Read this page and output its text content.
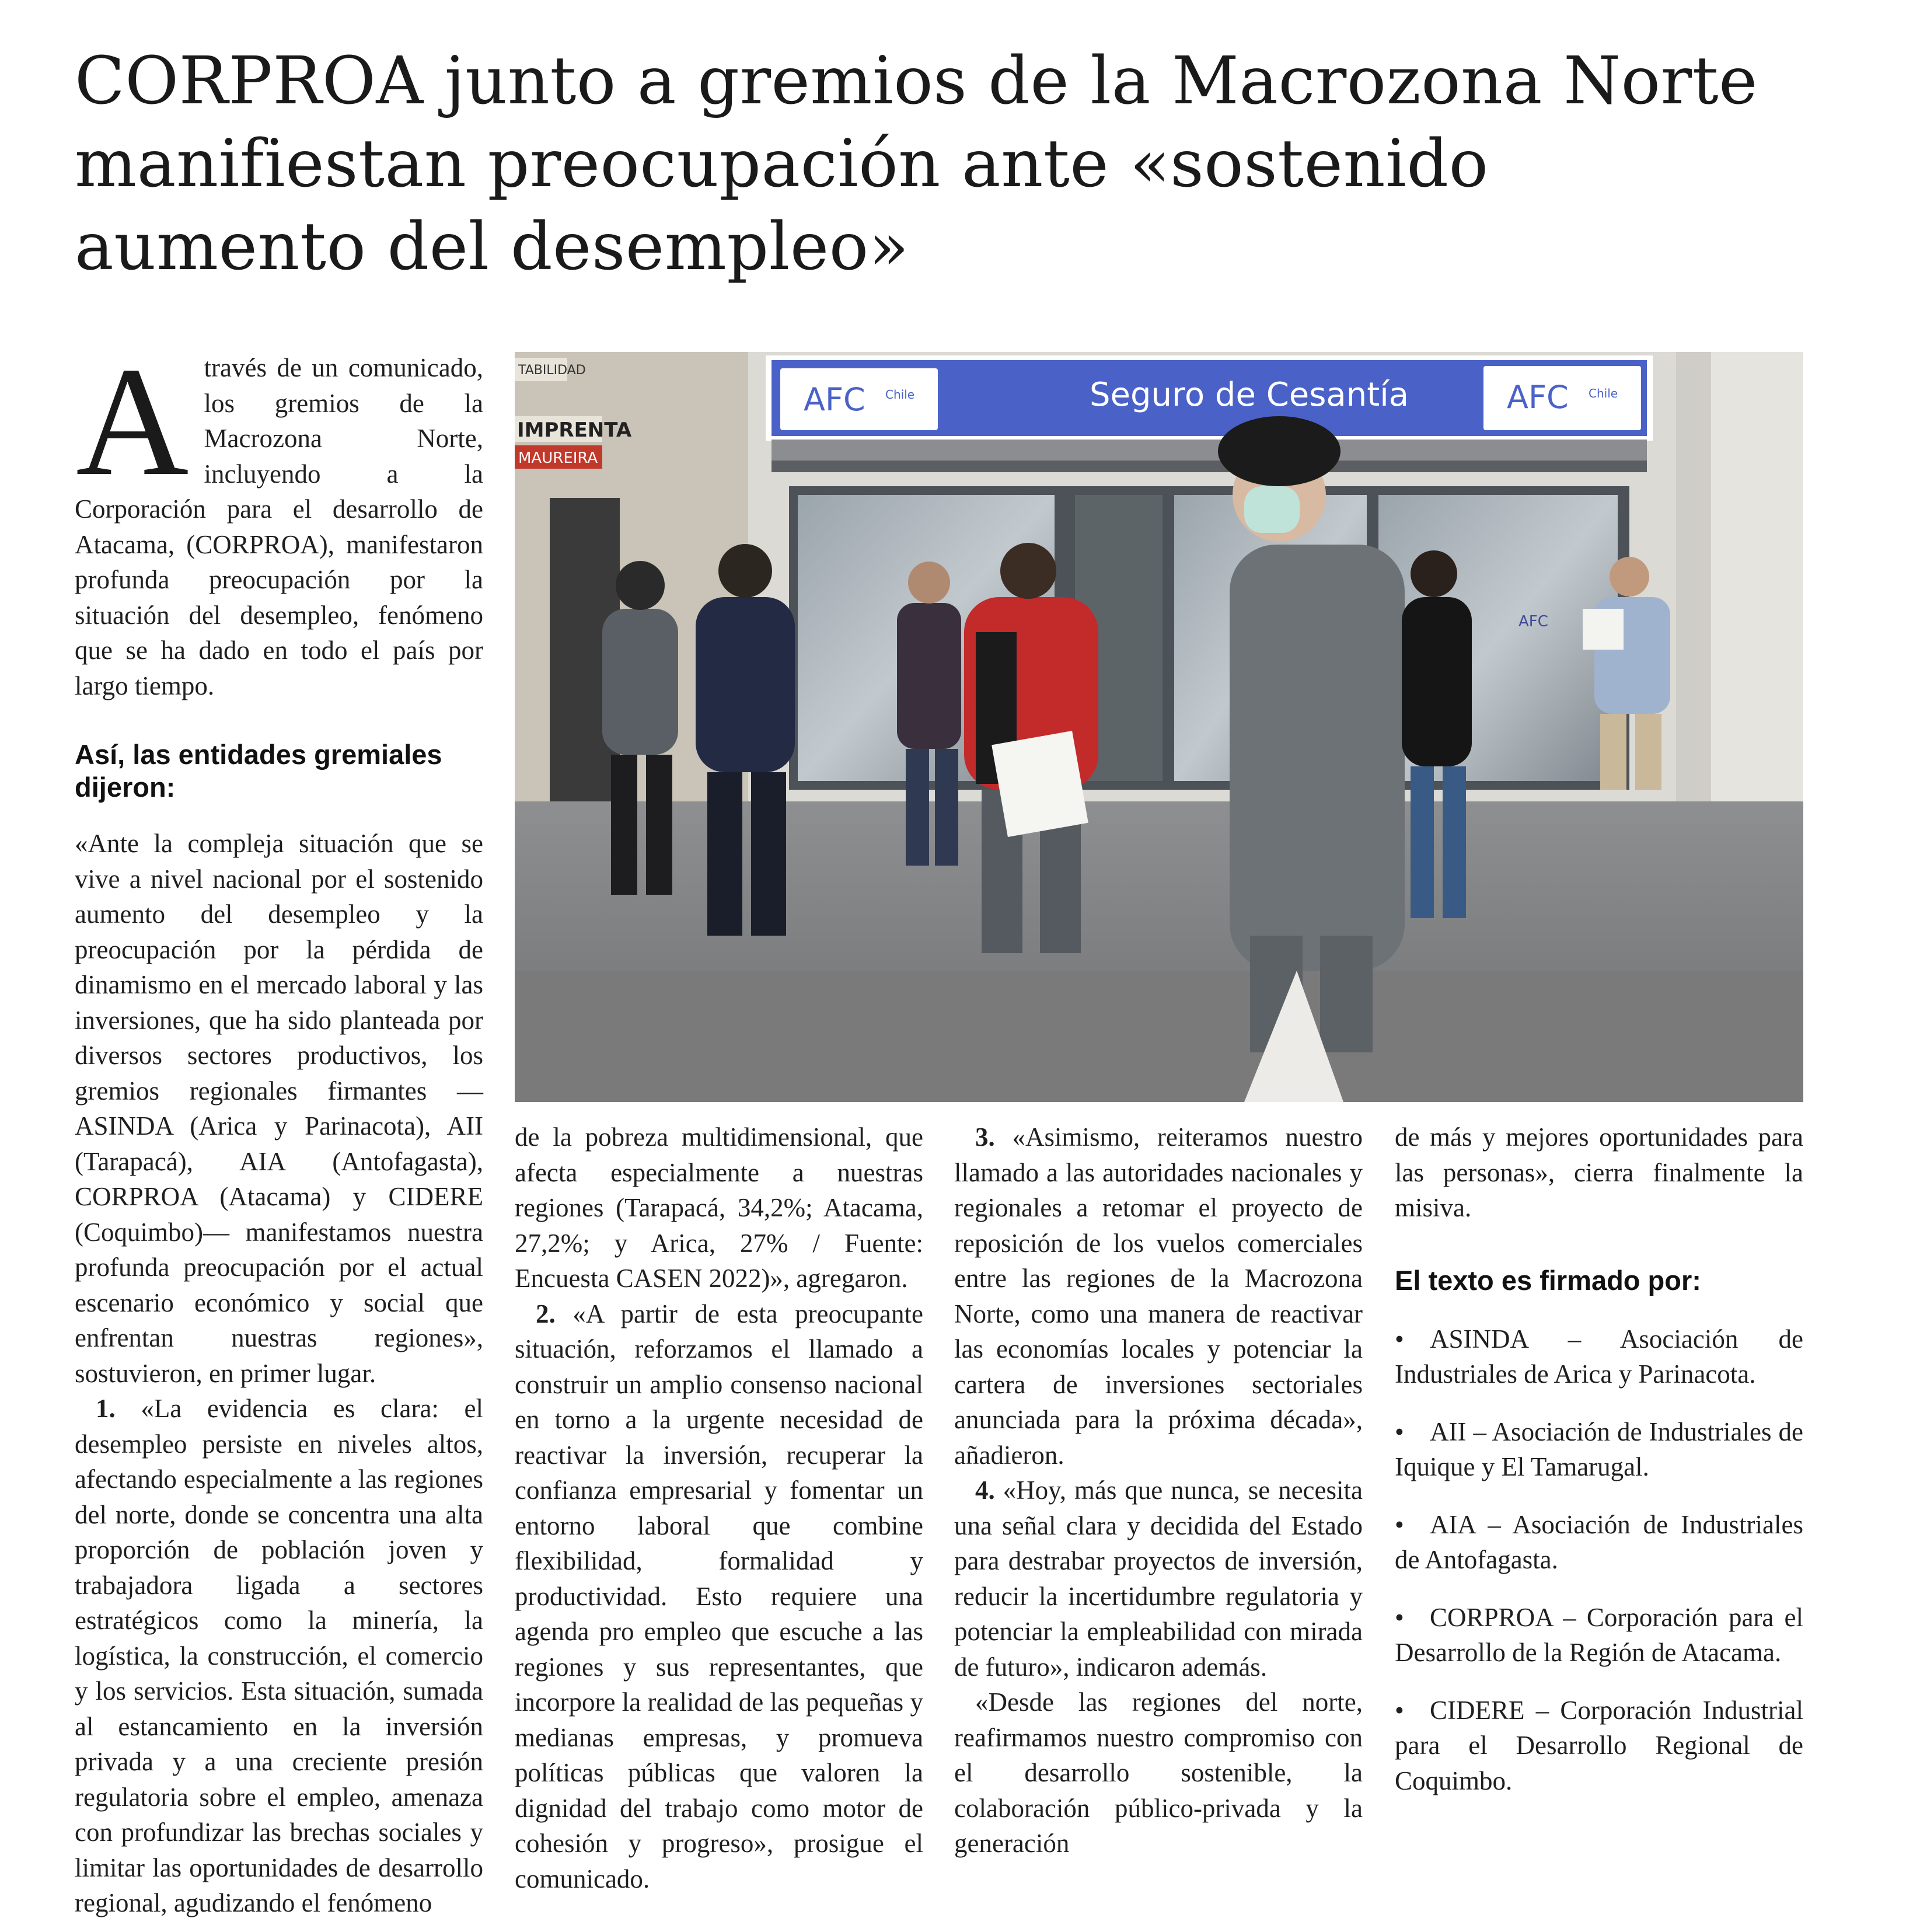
CORPROA junto a gremios de la Macrozona Norte manifiestan preocupación ante «sostenido aumento del desempleo»

Através de un comunicado, los gremios de la Macrozona Norte, incluyendo a la Corporación para el desarrollo de Atacama, (CORPROA), manifestaron profunda preocupación por la situación del desempleo, fenómeno que se ha dado en todo el país por largo tiempo.

Así, las entidades gremiales dijeron:

«Ante la compleja situación que se vive a nivel nacional por el sostenido aumento del desempleo y la preocupación por la pérdida de dinamismo en el mercado laboral y las inversiones, que ha sido planteada por diversos sectores productivos, los gremios regionales firmantes —ASINDA (Arica y Parinacota), AII (Tarapacá), AIA (Antofagasta), CORPROA (Atacama) y CIDERE (Coquimbo)— manifestamos nuestra profunda preocupación por el actual escenario económico y social que enfrentan nuestras regiones», sostuvieron, en primer lugar.

1. «La evidencia es clara: el desempleo persiste en niveles altos, afectando especialmente a las regiones del norte, donde se concentra una alta proporción de población joven y trabajadora ligada a sectores estratégicos como la minería, la logística, la construcción, el comercio y los servicios. Esta situación, sumada al estancamiento en la inversión privada y a una creciente presión regulatoria sobre el empleo, amenaza con profundizar las brechas sociales y limitar las oportunidades de desarrollo regional, agudizando el fenómeno

TABILIDAD
IMPRENTA
MAUREIRA
AFC Chile	AFC Chile
Seguro de Cesantía
AFC

de la pobreza multidimensional, que afecta especialmente a nuestras regiones (Tarapacá, 34,2%; Atacama, 27,2%; y Arica, 27% / Fuente: Encuesta CASEN 2022)», agregaron.

2. «A partir de esta preocupante situación, reforzamos el llamado a construir un amplio consenso nacional en torno a la urgente necesidad de reactivar la inversión, recuperar la confianza empresarial y fomentar un entorno laboral que combine flexibilidad, formalidad y productividad. Esto requiere una agenda pro empleo que escuche a las regiones y sus representantes, que incorpore la realidad de las pequeñas y medianas empresas, y promueva políticas públicas que valoren la dignidad del trabajo como motor de cohesión y progreso», prosigue el comunicado.

3. «Asimismo, reiteramos nuestro llamado a las autoridades nacionales y regionales a retomar el proyecto de reposición de los vuelos comerciales entre las regiones de la Macrozona Norte, como una manera de reactivar las economías locales y potenciar la cartera de inversiones sectoriales anunciada para la próxima década», añadieron.

4. «Hoy, más que nunca, se necesita una señal clara y decidida del Estado para destrabar proyectos de inversión, reducir la incertidumbre regulatoria y potenciar la empleabilidad con mirada de futuro», indicaron además.

«Desde las regiones del norte, reafirmamos nuestro compromiso con el desarrollo sostenible, la colaboración público-privada y la generación

de más y mejores oportunidades para las personas», cierra finalmente la misiva.

El texto es firmado por:
• ASINDA – Asociación de Industriales de Arica y Parinacota.
• AII – Asociación de Industriales de Iquique y El Tamarugal.
• AIA – Asociación de Industriales de Antofagasta.
• CORPROA – Corporación para el Desarrollo de la Región de Atacama.
• CIDERE – Corporación Industrial para el Desarrollo Regional de Coquimbo.
